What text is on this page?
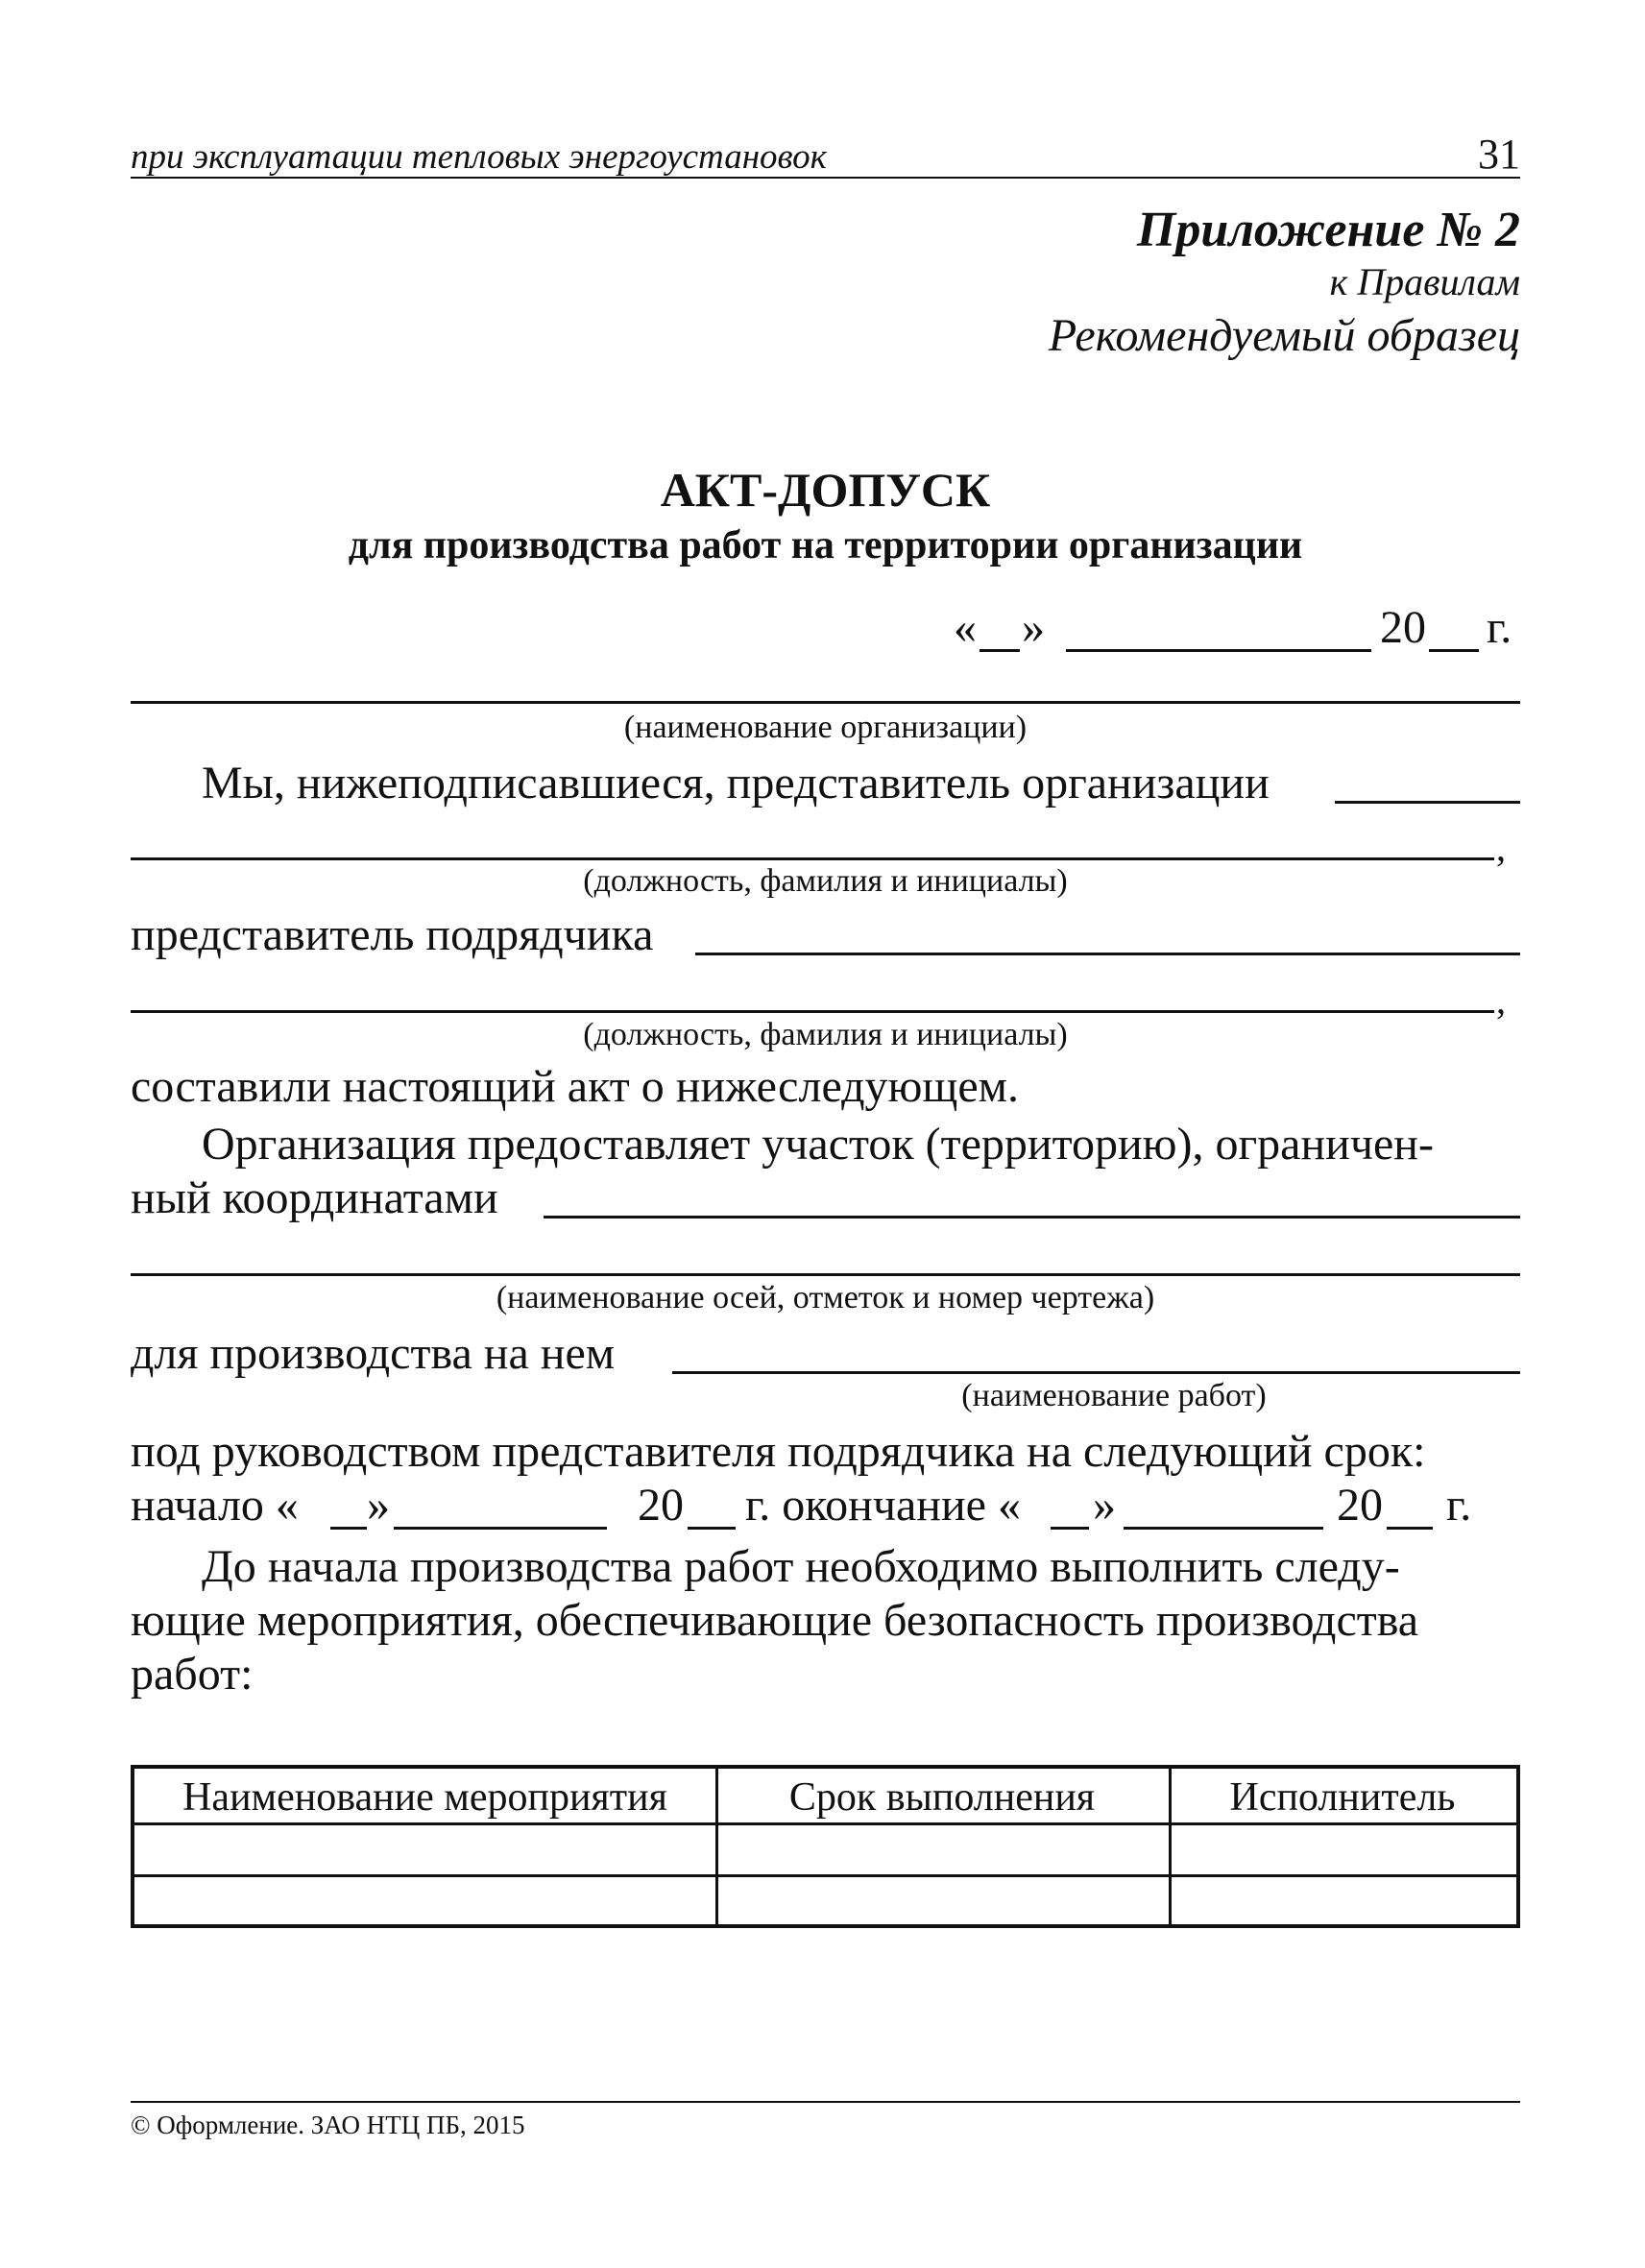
при эксплуатации тепловых энергоустановок	31
Приложение № 2
к Правилам
Рекомендуемый образец
АКТ-ДОПУСК
для производства работ на территории организации
« »	20 г.
(наименование организации)
Мы, нижеподписавшиеся, представитель организации
,
(должность, фамилия и инициалы)
представитель подрядчика
,
(должность, фамилия и инициалы)
составили настоящий акт о нижеследующем.
Организация предоставляет участок (территорию), ограничен-
ный координатами
(наименование осей, отметок и номер чертежа)
для производства на нем
(наименование работ)
под руководством представителя подрядчика на следующий срок:
начало « »	20 г. окончание « »	20 г.
До начала производства работ необходимо выполнить следу-
ющие мероприятия, обеспечивающие безопасность производства
работ:
Наименование мероприятия	Срок выполнения	Исполнитель
© Оформление. ЗАО НТЦ ПБ, 2015
